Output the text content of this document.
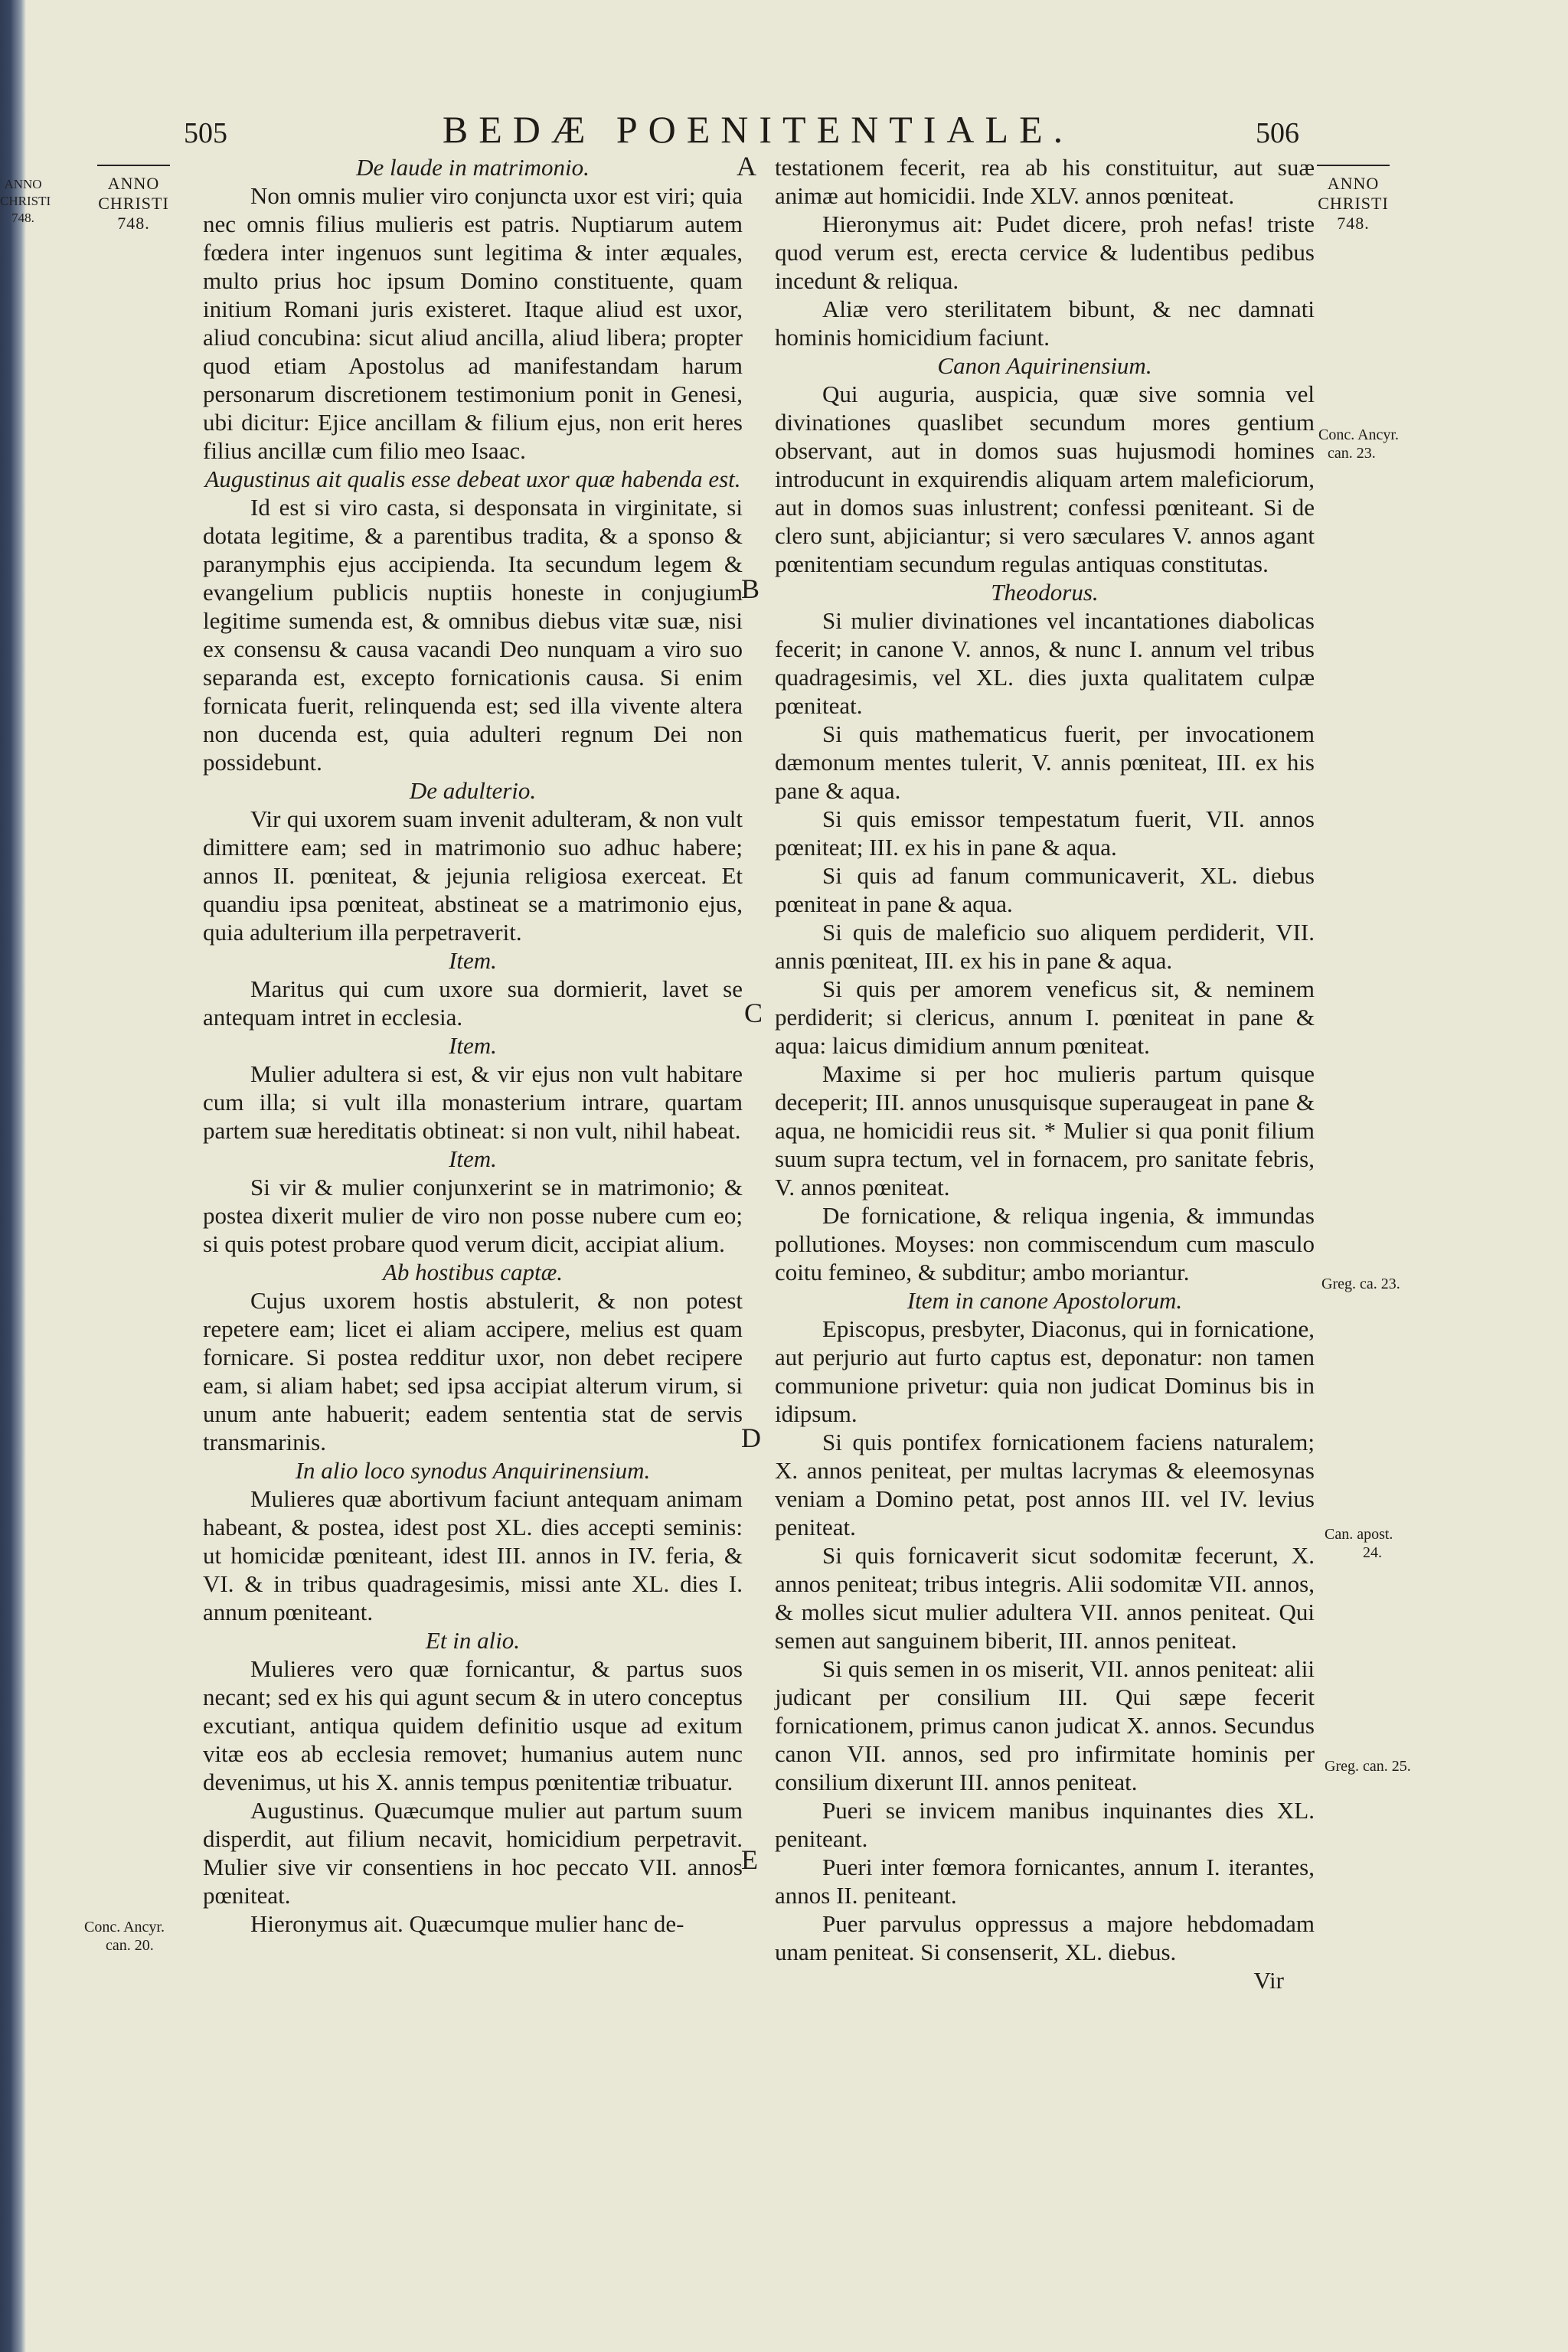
ANNO
CHRISTI
748.
505	BEDÆ POENITENTIALE.	506
ANNO
CHRISTI
748.
ANNO
CHRISTI
748.
Conc. Ancyr.
can. 20.
Conc. Ancyr.
can. 23.
Greg. ca. 23.
Can. apost.
24.
Greg. can. 25.
A
B
C
D
E

De laude in matrimonio.

Non omnis mulier viro conjuncta uxor est viri; quia nec omnis filius mulieris est patris. Nuptiarum autem fœdera inter ingenuos sunt legitima & inter æquales, multo prius hoc ipsum Domino constituente, quam initium Romani juris existeret. Itaque aliud est uxor, aliud concubina: sicut aliud ancilla, aliud libera; propter quod etiam Apostolus ad manifestandam harum personarum discretionem testimonium ponit in Genesi, ubi dicitur: Ejice ancillam & filium ejus, non erit heres filius ancillæ cum filio meo Isaac.

Augustinus ait qualis esse debeat uxor quæ habenda est.

Id est si viro casta, si desponsata in virginitate, si dotata legitime, & a parentibus tradita, & a sponso & paranymphis ejus accipienda. Ita secundum legem & evangelium publicis nuptiis honeste in conjugium legitime sumenda est, & omnibus diebus vitæ suæ, nisi ex consensu & causa vacandi Deo nunquam a viro suo separanda est, excepto fornicationis causa. Si enim fornicata fuerit, relinquenda est; sed illa vivente altera non ducenda est, quia adulteri regnum Dei non possidebunt.

De adulterio.

Vir qui uxorem suam invenit adulteram, & non vult dimittere eam; sed in matrimonio suo adhuc habere; annos II. pœniteat, & jejunia religiosa exerceat. Et quandiu ipsa pœniteat, abstineat se a matrimonio ejus, quia adulterium illa perpetraverit.

Item.

Maritus qui cum uxore sua dormierit, lavet se antequam intret in ecclesia.

Item.

Mulier adultera si est, & vir ejus non vult habitare cum illa; si vult illa monasterium intrare, quartam partem suæ hereditatis obtineat: si non vult, nihil habeat.

Item.

Si vir & mulier conjunxerint se in matrimonio; & postea dixerit mulier de viro non posse nubere cum eo; si quis potest probare quod verum dicit, accipiat alium.

Ab hostibus captæ.

Cujus uxorem hostis abstulerit, & non potest repetere eam; licet ei aliam accipere, melius est quam fornicare. Si postea redditur uxor, non debet recipere eam, si aliam habet; sed ipsa accipiat alterum virum, si unum ante habuerit; eadem sententia stat de servis transmarinis.

In alio loco synodus Anquirinensium.

Mulieres quæ abortivum faciunt antequam animam habeant, & postea, idest post XL. dies accepti seminis: ut homicidæ pœniteant, idest III. annos in IV. feria, & VI. & in tribus quadragesimis, missi ante XL. dies I. annum pœniteant.

Et in alio.

Mulieres vero quæ fornicantur, & partus suos necant; sed ex his qui agunt secum & in utero conceptus excutiant, antiqua quidem definitio usque ad exitum vitæ eos ab ecclesia removet; humanius autem nunc devenimus, ut his X. annis tempus pœnitentiæ tribuatur.

Augustinus. Quæcumque mulier aut partum suum disperdit, aut filium necavit, homicidium perpetravit. Mulier sive vir consentiens in hoc peccato VII. annos pœniteat.

Hieronymus ait. Quæcumque mulier hanc de-

testationem fecerit, rea ab his constituitur, aut suæ animæ aut homicidii. Inde XLV. annos pœniteat.

Hieronymus ait: Pudet dicere, proh nefas! triste quod verum est, erecta cervice & ludentibus pedibus incedunt & reliqua.

Aliæ vero sterilitatem bibunt, & nec damnati hominis homicidium faciunt.

Canon Aquirinensium.

Qui auguria, auspicia, quæ sive somnia vel divinationes quaslibet secundum mores gentium observant, aut in domos suas hujusmodi homines introducunt in exquirendis aliquam artem maleficiorum, aut in domos suas inlustrent; confessi pœniteant. Si de clero sunt, abjiciantur; si vero sæculares V. annos agant pœnitentiam secundum regulas antiquas constitutas.

Theodorus.

Si mulier divinationes vel incantationes diabolicas fecerit; in canone V. annos, & nunc I. annum vel tribus quadragesimis, vel XL. dies juxta qualitatem culpæ pœniteat.

Si quis mathematicus fuerit, per invocationem dæmonum mentes tulerit, V. annis pœniteat, III. ex his pane & aqua.

Si quis emissor tempestatum fuerit, VII. annos pœniteat; III. ex his in pane & aqua.

Si quis ad fanum communicaverit, XL. diebus pœniteat in pane & aqua.

Si quis de maleficio suo aliquem perdiderit, VII. annis pœniteat, III. ex his in pane & aqua.

Si quis per amorem veneficus sit, & neminem perdiderit; si clericus, annum I. pœniteat in pane & aqua: laicus dimidium annum pœniteat.

Maxime si per hoc mulieris partum quisque deceperit; III. annos unusquisque superaugeat in pane & aqua, ne homicidii reus sit. * Mulier si qua ponit filium suum supra tectum, vel in fornacem, pro sanitate febris, V. annos pœniteat.

De fornicatione, & reliqua ingenia, & immundas pollutiones. Moyses: non commiscendum cum masculo coitu femineo, & subditur; ambo moriantur.

Item in canone Apostolorum.

Episcopus, presbyter, Diaconus, qui in fornicatione, aut perjurio aut furto captus est, deponatur: non tamen communione privetur: quia non judicat Dominus bis in idipsum.

Si quis pontifex fornicationem faciens naturalem; X. annos peniteat, per multas lacrymas & eleemosynas veniam a Domino petat, post annos III. vel IV. levius peniteat.

Si quis fornicaverit sicut sodomitæ fecerunt, X. annos peniteat; tribus integris. Alii sodomitæ VII. annos, & molles sicut mulier adultera VII. annos peniteat. Qui semen aut sanguinem biberit, III. annos peniteat.

Si quis semen in os miserit, VII. annos peniteat: alii judicant per consilium III. Qui sæpe fecerit fornicationem, primus canon judicat X. annos. Secundus canon VII. annos, sed pro infirmitate hominis per consilium dixerunt III. annos peniteat.

Pueri se invicem manibus inquinantes dies XL. peniteant.

Pueri inter fœmora fornicantes, annum I. iterantes, annos II. peniteant.

Puer parvulus oppressus a majore hebdomadam unam peniteat. Si consenserit, XL. diebus.

Vir
